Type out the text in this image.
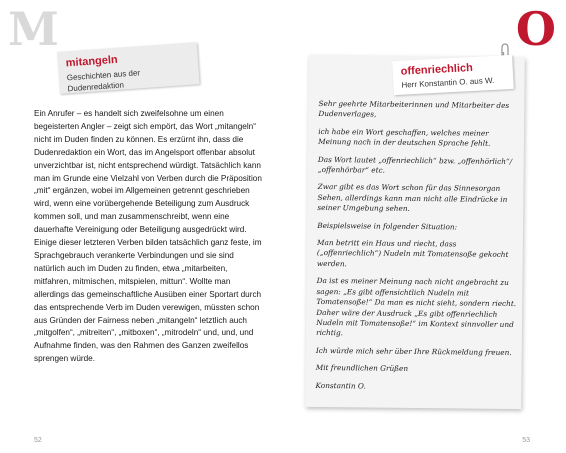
M
mitangeln
Geschichten aus der Dudenredaktion

Ein Anrufer – es handelt sich zweifelsohne um einen begeisterten Angler – zeigt sich empört, das Wort „mitangeln“ nicht im Duden finden zu können. Es erzürnt ihn, dass die Dudenredaktion ein Wort, das im Angelsport offenbar absolut unverzichtbar ist, nicht entsprechend würdigt. Tatsächlich kann man im Grunde eine Vielzahl von Verben durch die Präposition „mit“ ergänzen, wobei im Allgemeinen getrennt geschrieben wird, wenn eine vorübergehende Beteiligung zum Ausdruck kommen soll, und man zusammenschreibt, wenn eine dauerhafte Vereinigung oder Beteiligung ausgedrückt wird. Einige dieser letzteren Verben bilden tatsächlich ganz feste, im Sprachgebrauch verankerte Verbindungen und sie sind natürlich auch im Duden zu finden, etwa „mitarbeiten, mitfahren, mitmischen, mitspielen, mittun“. Wollte man allerdings das gemeinschaftliche Ausüben einer Sportart durch das entsprechende Verb im Duden verewigen, müssten schon aus Gründen der Fairness neben „mitangeln“ letztlich auch „mitgolfen“, „mitreiten“, „mitboxen“, „mitrodeln“ und, und, und Aufnahme finden, was den Rahmen des Ganzen zweifellos sprengen würde.

52
O
offenriechlich
Herr Konstantin O. aus W.

Sehr geehrte Mitarbeiterinnen und Mitarbeiter des Dudenverlages,

ich habe ein Wort geschaffen, welches meiner Meinung nach in der deutschen Sprache fehlt.

Das Wort lautet „offenriechlich“ bzw. „offenhörlich“/ „offenhörbar“ etc.

Zwar gibt es das Wort schon für das Sinnesorgan Sehen, allerdings kann man nicht alle Eindrücke in seiner Umgebung sehen.

Beispielsweise in folgender Situation:

Man betritt ein Haus und riecht, dass („offenriechlich“) Nudeln mit Tomatensoße gekocht werden.

Da ist es meiner Meinung nach nicht angebracht zu sagen: „Es gibt offensichtlich Nudeln mit Tomatensoße!“ Da man es nicht sieht, sondern riecht. Daher wäre der Ausdruck „Es gibt offenriechlich Nudeln mit Tomatensoße!“ im Kontext sinnvoller und richtig.

Ich würde mich sehr über Ihre Rückmeldung freuen.

Mit freundlichen Grüßen

Konstantin O.

53
